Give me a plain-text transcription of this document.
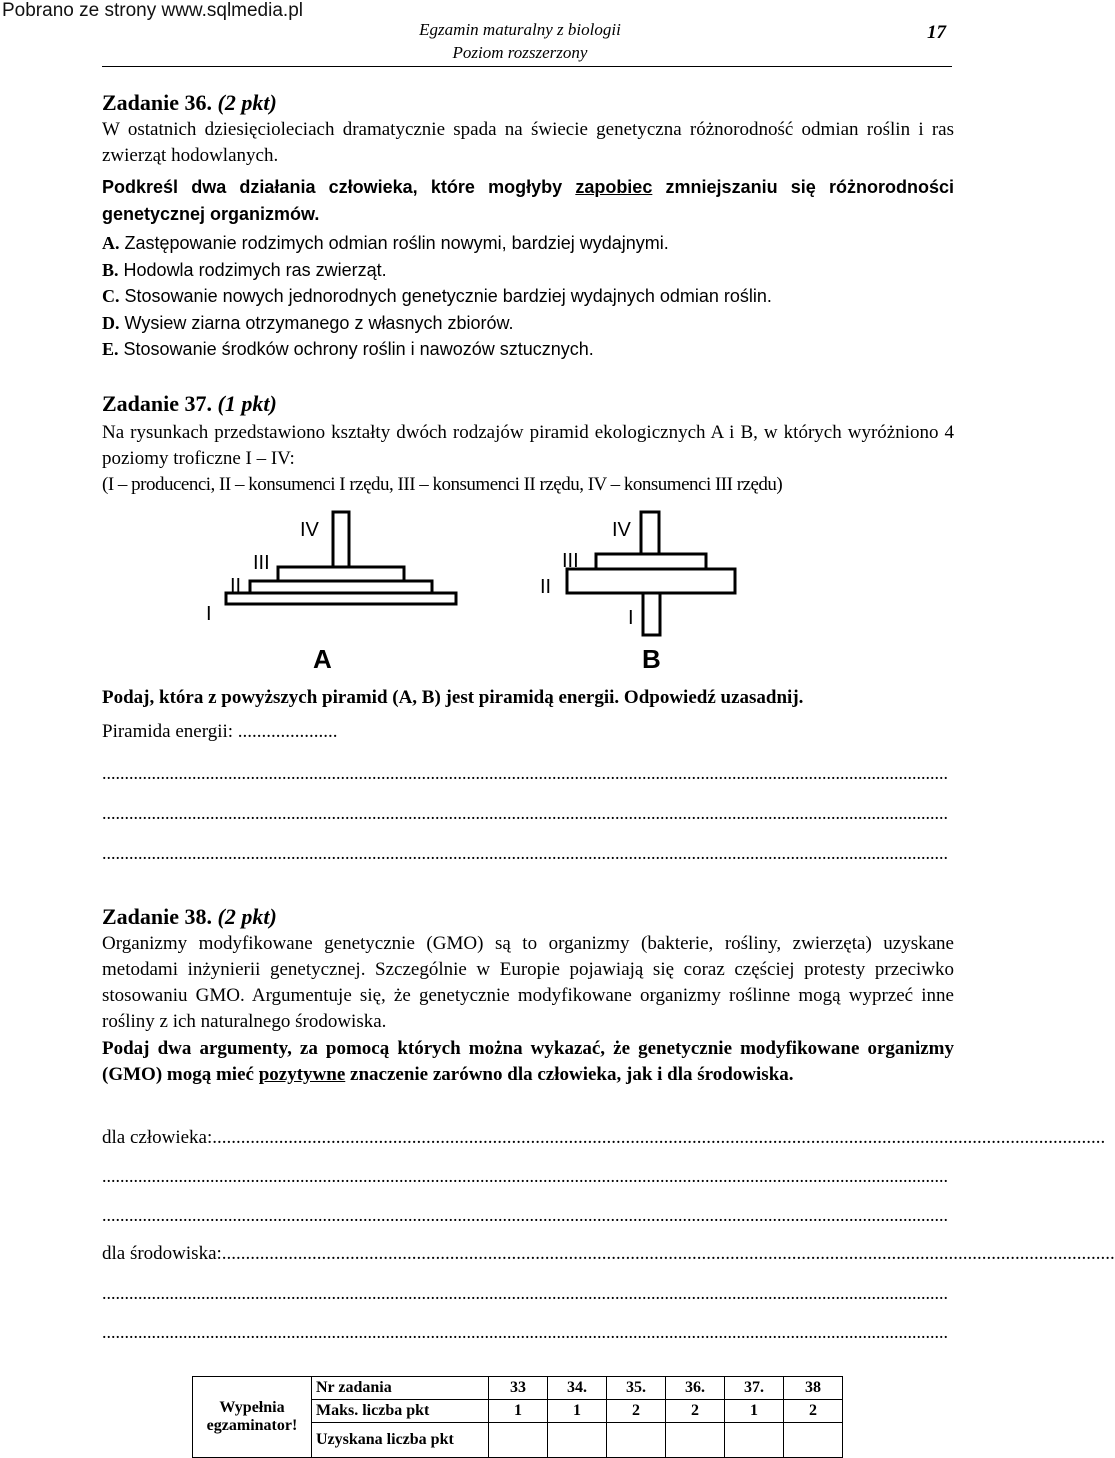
Pobrano ze strony www.sqlmedia.pl
Egzamin maturalny z biologii
Poziom rozszerzony
17
Zadanie 36. (2 pkt)
W ostatnich dziesięcioleciach dramatycznie spada na świecie genetyczna różnorodność odmian roślin i ras zwierząt hodowlanych.
Podkreśl dwa działania człowieka, które mogłyby zapobiec zmniejszaniu się różnorodności genetycznej organizmów.
A. Zastępowanie rodzimych odmian roślin nowymi, bardziej wydajnymi.
B. Hodowla rodzimych ras zwierząt.
C. Stosowanie nowych jednorodnych genetycznie bardziej wydajnych odmian roślin.
D. Wysiew ziarna otrzymanego z własnych zbiorów.
E. Stosowanie środków ochrony roślin i nawozów sztucznych.
Zadanie 37. (1 pkt)
Na rysunkach przedstawiono kształty dwóch rodzajów piramid ekologicznych A i B, w których wyróżniono 4 poziomy troficzne I – IV:
(I – producenci, II – konsumenci I rzędu, III – konsumenci II rzędu, IV – konsumenci III rzędu)
I
II
III
IV
A
I
II
III
IV
B
Podaj, która z powyższych piramid (A, B) jest piramidą energii. Odpowiedź uzasadnij.
Piramida energii: .....................
............................................................................................................................................................................................
............................................................................................................................................................................................
............................................................................................................................................................................................
Zadanie 38. (2 pkt)
Organizmy modyfikowane genetycznie (GMO) są to organizmy (bakterie, rośliny, zwierzęta) uzyskane metodami inżynierii genetycznej. Szczególnie w Europie pojawiają się coraz częściej protesty przeciwko stosowaniu GMO. Argumentuje się, że genetycznie modyfikowane organizmy roślinne mogą wyprzeć inne rośliny z ich naturalnego środowiska.
Podaj dwa argumenty, za pomocą których można wykazać, że genetycznie modyfikowane organizmy (GMO) mogą mieć pozytywne znaczenie zarówno dla człowieka, jak i dla środowiska.
dla człowieka:............................................................................................................................................................................................
............................................................................................................................................................................................
............................................................................................................................................................................................
dla środowiska:............................................................................................................................................................................................
............................................................................................................................................................................................
............................................................................................................................................................................................
Wypełnia egzaminator!	Nr zadania	33	34.	35.	36.	37.	38
	Maks. liczba pkt	1	1	2	2	1	2
	Uzyskana liczba pkt						
